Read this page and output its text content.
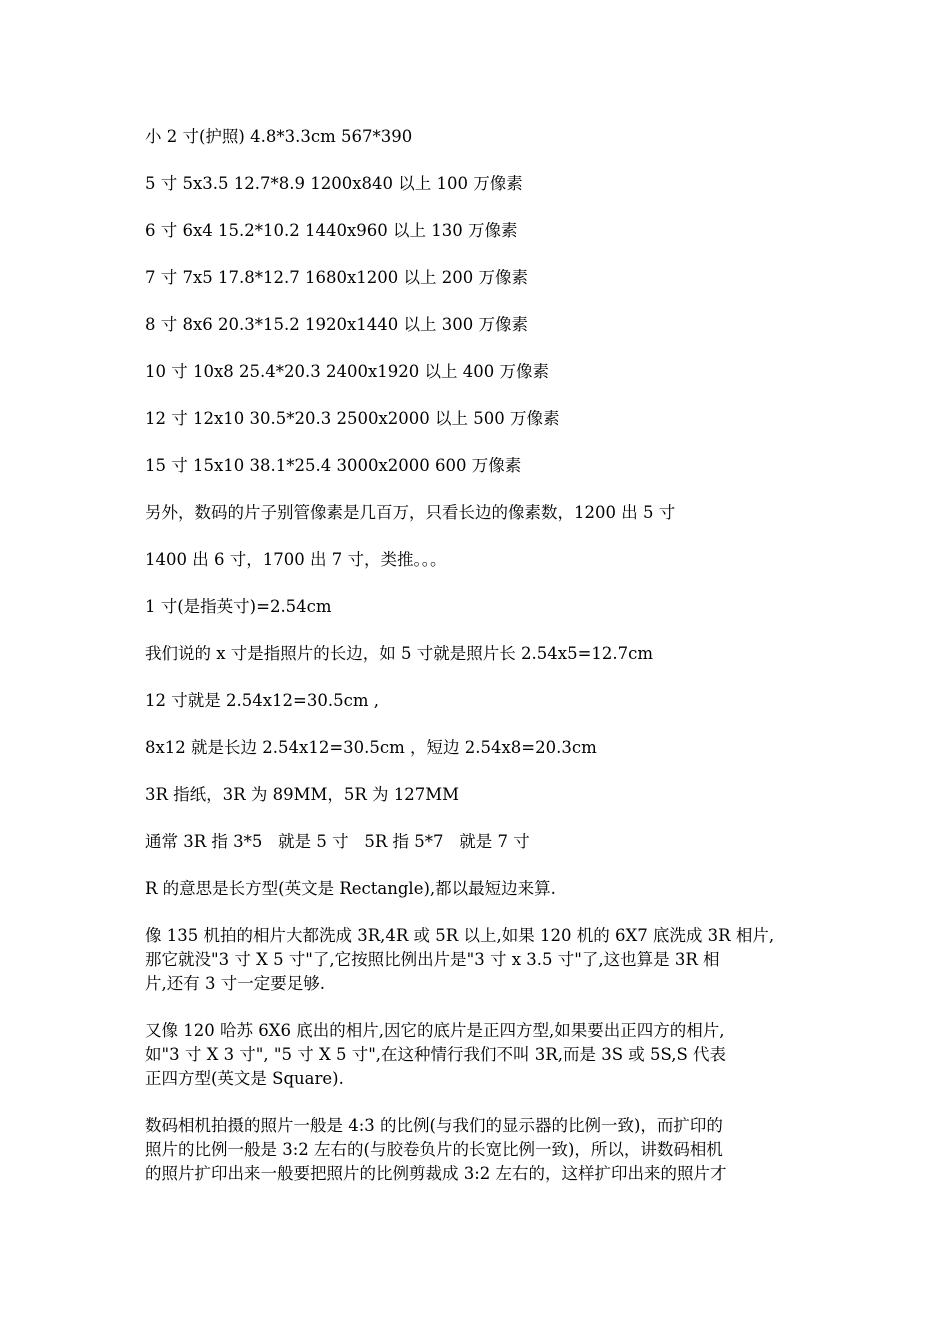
小 2 寸(护照) 4.8*3.3cm 567*390
5 寸 5x3.5 12.7*8.9 1200x840 以上 100 万像素
6 寸 6x4 15.2*10.2 1440x960 以上 130 万像素
7 寸 7x5 17.8*12.7 1680x1200 以上 200 万像素
8 寸 8x6 20.3*15.2 1920x1440 以上 300 万像素
10 寸 10x8 25.4*20.3 2400x1920 以上 400 万像素
12 寸 12x10 30.5*20.3 2500x2000 以上 500 万像素
15 寸 15x10 38.1*25.4 3000x2000 600 万像素
另外，数码的片子别管像素是几百万，只看长边的像素数，1200 出 5 寸
1400 出 6 寸，1700 出 7 寸，类推。。。
1 寸(是指英寸)=2.54cm
我们说的 x 寸是指照片的长边，如 5 寸就是照片长 2.54x5=12.7cm
12 寸就是 2.54x12=30.5cm ,
8x12 就是长边 2.54x12=30.5cm ，短边 2.54x8=20.3cm
3R 指纸，3R 为 89MM，5R 为 127MM
通常 3R 指 3*5   就是 5 寸   5R 指 5*7   就是 7 寸
R 的意思是长方型(英文是 Rectangle),都以最短边来算.
像 135 机拍的相片大都洗成 3R,4R 或 5R 以上,如果 120 机的 6X7 底洗成 3R 相片,
那它就没"3 寸 X 5 寸"了,它按照比例出片是"3 寸 x 3.5 寸"了,这也算是 3R 相
片,还有 3 寸一定要足够.
又像 120 哈苏 6X6 底出的相片,因它的底片是正四方型,如果要出正四方的相片,
如"3 寸 X 3 寸", "5 寸 X 5 寸",在这种情行我们不叫 3R,而是 3S 或 5S,S 代表
正四方型(英文是 Square).
数码相机拍摄的照片一般是 4:3 的比例(与我们的显示器的比例一致)，而扩印的
照片的比例一般是 3:2 左右的(与胶卷负片的长宽比例一致)，所以，讲数码相机
的照片扩印出来一般要把照片的比例剪裁成 3:2 左右的，这样扩印出来的照片才
